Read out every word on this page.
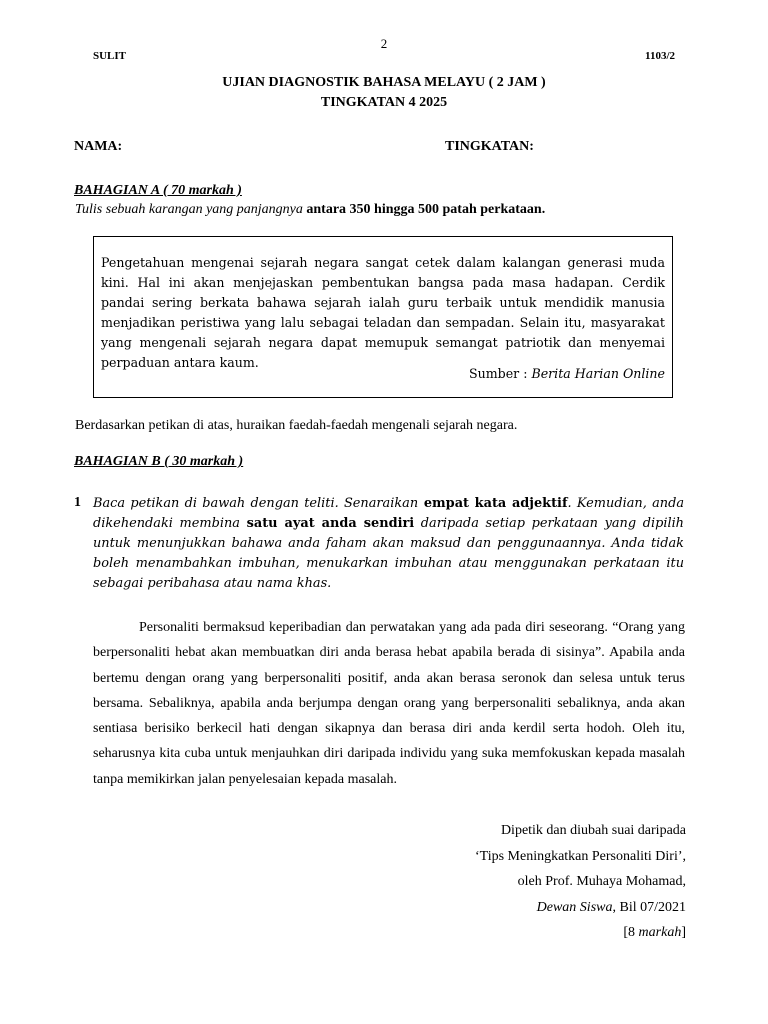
2
SULIT	1103/2
UJIAN DIAGNOSTIK BAHASA MELAYU ( 2 JAM )
TINGKATAN 4 2025
NAMA:	TINGKATAN:
BAHAGIAN A ( 70 markah )
Tulis sebuah karangan yang panjangnya antara 350 hingga 500 patah perkataan.
Pengetahuan mengenai sejarah negara sangat cetek dalam kalangan generasi muda kini. Hal ini akan menjejaskan pembentukan bangsa pada masa hadapan. Cerdik pandai sering berkata bahawa sejarah ialah guru terbaik untuk mendidik manusia menjadikan peristiwa yang lalu sebagai teladan dan sempadan. Selain itu, masyarakat yang mengenali sejarah negara dapat memupuk semangat patriotik dan menyemai perpaduan antara kaum.
Sumber : Berita Harian Online
Berdasarkan petikan di atas, huraikan faedah-faedah mengenali sejarah negara.
BAHAGIAN B ( 30 markah )
1 Baca petikan di bawah dengan teliti. Senaraikan empat kata adjektif. Kemudian, anda dikehendaki membina satu ayat anda sendiri daripada setiap perkataan yang dipilih untuk menunjukkan bahawa anda faham akan maksud dan penggunaannya. Anda tidak boleh menambahkan imbuhan, menukarkan imbuhan atau menggunakan perkataan itu sebagai peribahasa atau nama khas.

Personaliti bermaksud keperibadian dan perwatakan yang ada pada diri seseorang. “Orang yang berpersonaliti hebat akan membuatkan diri anda berasa hebat apabila berada di sisinya”. Apabila anda bertemu dengan orang yang berpersonaliti positif, anda akan berasa seronok dan selesa untuk terus bersama. Sebaliknya, apabila anda berjumpa dengan orang yang berpersonaliti sebaliknya, anda akan sentiasa berisiko berkecil hati dengan sikapnya dan berasa diri anda kerdil serta hodoh. Oleh itu, seharusnya kita cuba untuk menjauhkan diri daripada individu yang suka memfokuskan kepada masalah tanpa memikirkan jalan penyelesaian kepada masalah.

Dipetik dan diubah suai daripada
‘Tips Meningkatkan Personaliti Diri’,
oleh Prof. Muhaya Mohamad,
Dewan Siswa, Bil 07/2021
[8 markah]
